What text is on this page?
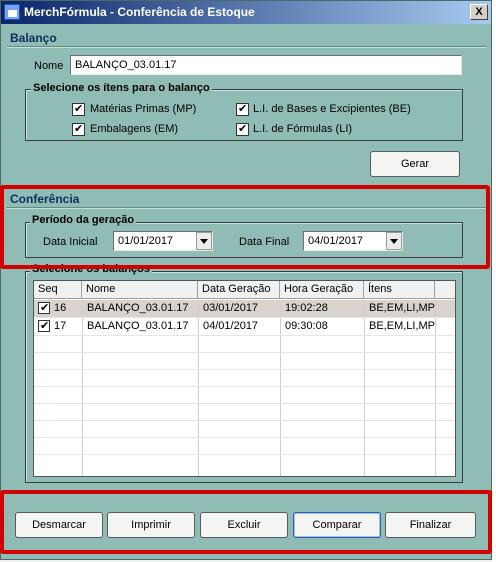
MerchFórmula - Conferência de Estoque	X
Balanço
Nome	BALANÇO_03.01.17
Selecione os ítens para o balanço
✔
Matérias Primas (MP)
✔
Embalagens (EM)
✔
L.I. de Bases e Excipientes (BE)
✔
L.I. de Fórmulas (LI)
Gerar
Conferência
Período da geração
Data Inicial	01/01/2017	Data Final	04/01/2017
Selecione os balanços
Seq	Nome	Data Geração	Hora Geração	Ítens
✔
16	BALANÇO_03.01.17	03/01/2017	19:02:28	BE,EM,LI,MP
✔
17	BALANÇO_03.01.17	04/01/2017	09:30:08	BE,EM,LI,MP
Desmarcar	Imprimir	Excluir	Comparar	Finalizar
